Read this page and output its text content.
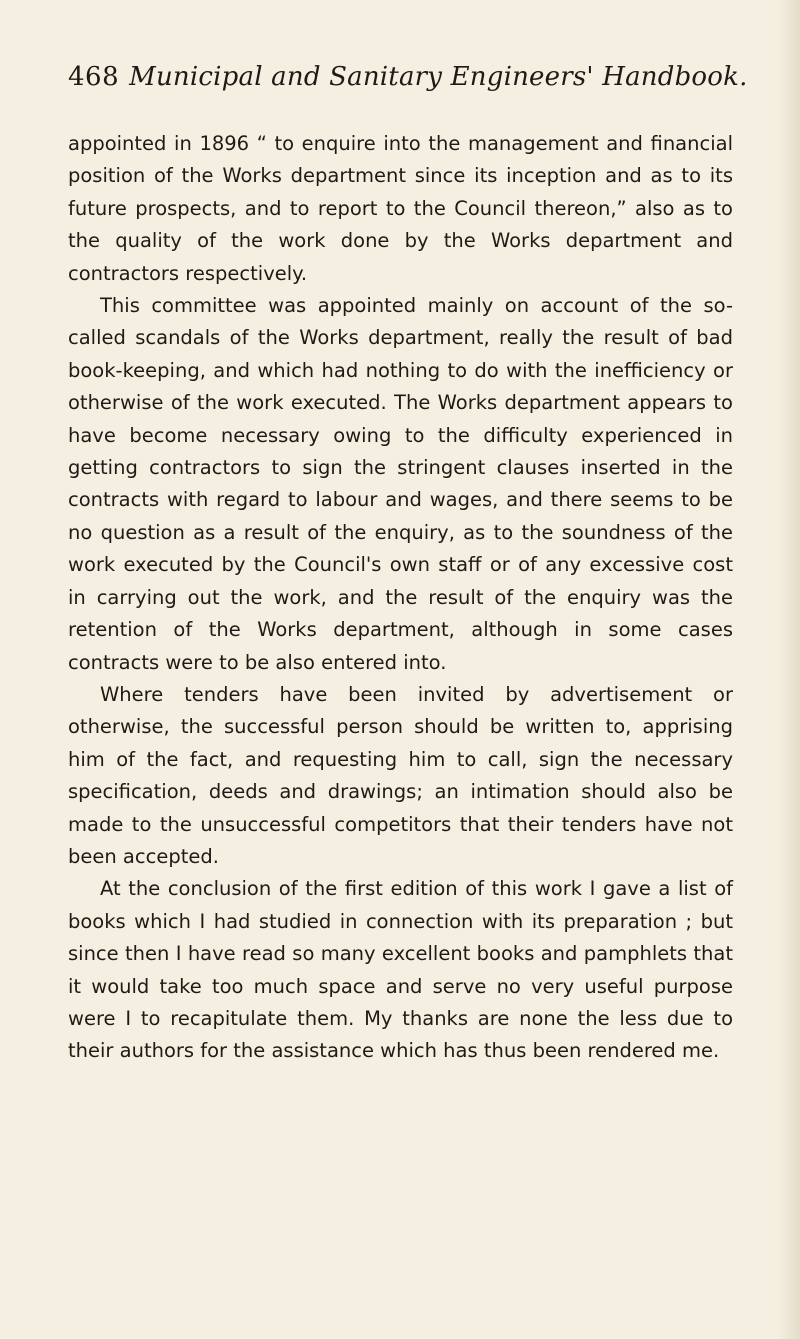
468 Municipal and Sanitary Engineers' Handbook.

appointed in 1896 “ to enquire into the management and financial position of the Works department since its inception and as to its future prospects, and to report to the Council thereon,” also as to the quality of the work done by the Works department and contractors respectively.

This committee was appointed mainly on account of the so-called scandals of the Works department, really the result of bad book-keeping, and which had nothing to do with the inefficiency or otherwise of the work executed. The Works department appears to have become necessary owing to the difficulty experienced in getting contractors to sign the stringent clauses inserted in the contracts with regard to labour and wages, and there seems to be no question as a result of the enquiry, as to the soundness of the work executed by the Council's own staff or of any excessive cost in carrying out the work, and the result of the enquiry was the retention of the Works department, although in some cases contracts were to be also entered into.

Where tenders have been invited by advertisement or otherwise, the successful person should be written to, apprising him of the fact, and requesting him to call, sign the necessary specification, deeds and drawings; an intimation should also be made to the unsuccessful competitors that their tenders have not been accepted.

At the conclusion of the first edition of this work I gave a list of books which I had studied in connection with its preparation ; but since then I have read so many excellent books and pamphlets that it would take too much space and serve no very useful purpose were I to recapitulate them. My thanks are none the less due to their authors for the assistance which has thus been rendered me.
